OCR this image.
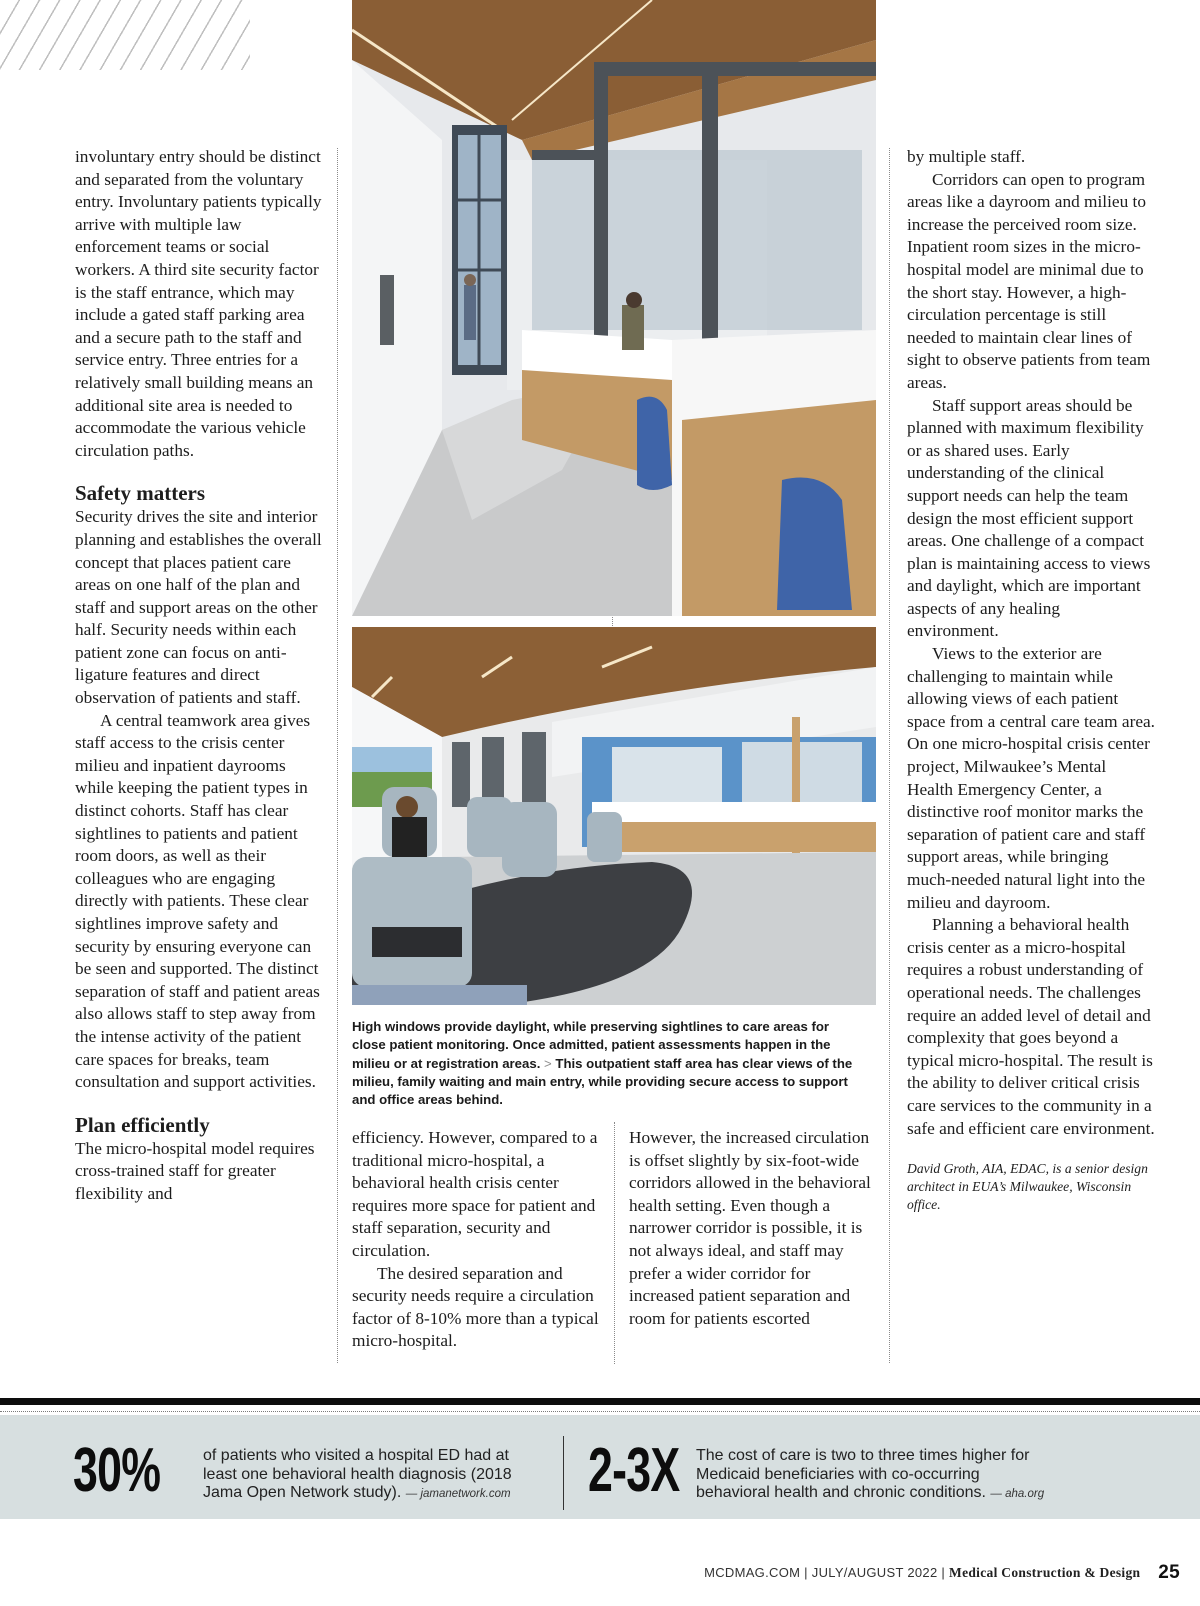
involuntary entry should be distinct and separated from the voluntary entry. Involuntary patients typically arrive with multiple law enforcement teams or social workers. A third site security factor is the staff entrance, which may include a gated staff parking area and a secure path to the staff and service entry. Three entries for a relatively small building means an additional site area is needed to accommodate the various vehicle circulation paths.

Safety matters

Security drives the site and interior planning and establishes the overall concept that places patient care areas on one half of the plan and staff and support areas on the other half. Security needs within each patient zone can focus on anti-ligature features and direct observation of patients and staff.

A central teamwork area gives staff access to the crisis center milieu and inpatient dayrooms while keeping the patient types in distinct cohorts. Staff has clear sightlines to patients and patient room doors, as well as their colleagues who are engaging directly with patients. These clear sightlines improve safety and security by ensuring everyone can be seen and supported. The distinct separation of staff and patient areas also allows staff to step away from the intense activity of the patient care spaces for breaks, team consultation and support activities.

Plan efficiently

The micro-hospital model requires cross-trained staff for greater flexibility and

High windows provide daylight, while preserving sightlines to care areas for close patient monitoring. Once admitted, patient assessments happen in the milieu or at registration areas. > This outpatient staff area has clear views of the milieu, family waiting and main entry, while providing secure access to support and office areas behind.

efficiency. However, compared to a traditional micro-hospital, a behavioral health crisis center requires more space for patient and staff separation, security and circulation.

The desired separation and security needs require a circulation factor of 8-10% more than a typical micro-hospital.

However, the increased circulation is offset slightly by six-foot-wide corridors allowed in the behavioral health setting. Even though a narrower corridor is possible, it is not always ideal, and staff may prefer a wider corridor for increased patient separation and room for patients escorted

by multiple staff.

Corridors can open to program areas like a dayroom and milieu to increase the perceived room size. Inpatient room sizes in the micro-hospital model are minimal due to the short stay. However, a high-circulation percentage is still needed to maintain clear lines of sight to observe patients from team areas.

Staff support areas should be planned with maximum flexibility or as shared uses. Early understanding of the clinical support needs can help the team design the most efficient support areas. One challenge of a compact plan is maintaining access to views and daylight, which are important aspects of any healing environment.

Views to the exterior are challenging to maintain while allowing views of each patient space from a central care team area. On one micro-hospital crisis center project, Milwaukee’s Mental Health Emergency Center, a distinctive roof monitor marks the separation of patient care and staff support areas, while bringing much-needed natural light into the milieu and dayroom.

Planning a behavioral health crisis center as a micro-hospital requires a robust understanding of operational needs. The challenges require an added level of detail and complexity that goes beyond a typical micro-hospital. The result is the ability to deliver critical crisis care services to the community in a safe and efficient care environment.

David Groth, AIA, EDAC, is a senior design architect in EUA’s Milwaukee, Wisconsin office.

30%	of patients who visited a hospital ED had at least one behavioral health diagnosis (2018 Jama Open Network study). — jamanetwork.com	2-3X The cost of care is two to three times higher for Medicaid beneficiaries with co-occurring behavioral health and chronic conditions. — aha.org
MCDMAG.COM | JULY/AUGUST 2022 | Medical Construction & Design 25
